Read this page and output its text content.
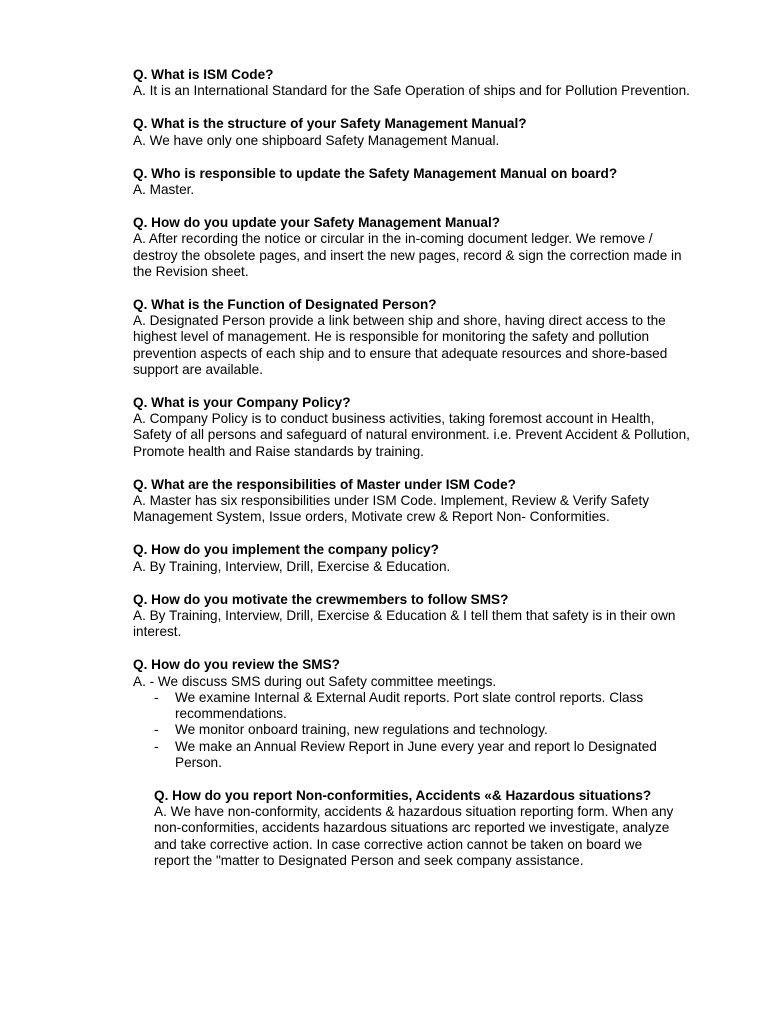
Q. What is ISM Code?

A. It is an International Standard for the Safe Operation of ships and for Pollution Prevention.

Q. What is the structure of your Safety Management Manual?

A. We have only one shipboard Safety Management Manual.

Q. Who is responsible to update the Safety Management Manual on board?

A. Master.

Q. How do you update your Safety Management Manual?

A. After recording the notice or circular in the in-coming document ledger. We remove / destroy the obsolete pages, and insert the new pages, record & sign the correction made in the Revision sheet.

Q. What is the Function of Designated Person?

A. Designated Person provide a link between ship and shore, having direct access to the highest level of management. He is responsible for monitoring the safety and pollution prevention aspects of each ship and to ensure that adequate resources and shore-based support are available.

Q. What is your Company Policy?

A. Company Policy is to conduct business activities, taking foremost account in Health, Safety of all persons and safeguard of natural environment. i.e. Prevent Accident & Pollution, Promote health and Raise standards by training.

Q. What are the responsibilities of Master under ISM Code?

A. Master has six responsibilities under ISM Code. Implement, Review & Verify Safety Management System, Issue orders, Motivate crew & Report Non- Conformities.

Q. How do you implement the company policy?

A. By Training, Interview, Drill, Exercise & Education.

Q. How do you motivate the crewmembers to follow SMS?

A. By Training, Interview, Drill, Exercise & Education & I tell them that safety is in their own interest.

Q. How do you review the SMS?

A. - We discuss SMS during out Safety committee meetings.

- We examine Internal & External Audit reports. Port slate control reports. Class recommendations.
- We monitor onboard training, new regulations and technology.
- We make an Annual Review Report in June every year and report lo Designated Person.

Q. How do you report Non-conformities, Accidents «& Hazardous situations?

A. We have non-conformity, accidents & hazardous situation reporting form. When any non-conformities, accidents hazardous situations arc reported we investigate, analyze and take corrective action. In case corrective action cannot be taken on board we report the "matter to Designated Person and seek company assistance.
